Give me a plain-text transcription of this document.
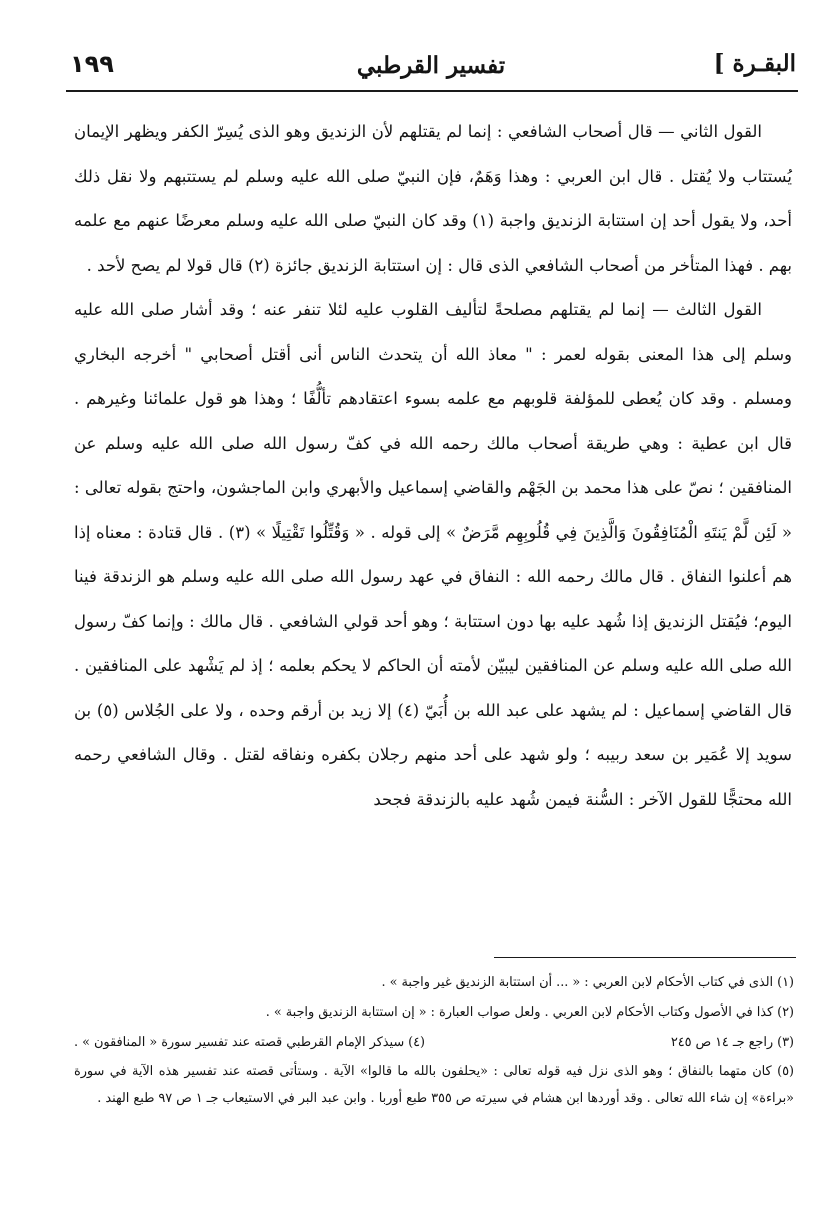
١٩٩	تفسير القرطبي	البقـرة ]

القول الثاني — قال أصحاب الشافعي : إنما لم يقتلهم لأن الزنديق وهو الذى يُسِرّ الكفر ويظهر الإيمان يُستتاب ولا يُقتل . قال ابن العربي : وهذا وَهَمٌ، فإن النبيّ صلى الله عليه وسلم لم يستتبهم ولا نقل ذلك أحد، ولا يقول أحد إن استتابة الزنديق واجبة (١) وقد كان النبيّ صلى الله عليه وسلم معرضًا عنهم مع علمه بهم . فهذا المتأخر من أصحاب الشافعي الذى قال : إن استتابة الزنديق جائزة (٢) قال قولا لم يصح لأحد .

القول الثالث — إنما لم يقتلهم مصلحةً لتأليف القلوب عليه لئلا تنفر عنه ؛ وقد أشار صلى الله عليه وسلم إلى هذا المعنى بقوله لعمر : " معاذ الله أن يتحدث الناس أنى أقتل أصحابي " أخرجه البخاري ومسلم . وقد كان يُعطى للمؤلفة قلوبهم مع علمه بسوء اعتقادهم تألُّفًا ؛ وهذا هو قول علمائنا وغيرهم . قال ابن عطية : وهي طريقة أصحاب مالك رحمه الله في كفّ رسول الله صلى الله عليه وسلم عن المنافقين ؛ نصّ على هذا محمد بن الجَهْم والقاضي إسماعيل والأبهري وابن الماجشون، واحتج بقوله تعالى : « لَئِن لَّمْ يَنتَهِ الْمُنَافِقُونَ وَالَّذِينَ فِي قُلُوبِهِم مَّرَضٌ » إلى قوله . « وَقُتِّلُوا تَقْتِيلًا » (٣) . قال قتادة : معناه إذا هم أعلنوا النفاق . قال مالك رحمه الله : النفاق في عهد رسول الله صلى الله عليه وسلم هو الزندقة فينا اليوم؛ فيُقتل الزنديق إذا شُهد عليه بها دون استتابة ؛ وهو أحد قولي الشافعي . قال مالك : وإنما كفّ رسول الله صلى الله عليه وسلم عن المنافقين ليبيّن لأمته أن الحاكم لا يحكم بعلمه ؛ إذ لم يَشْهد على المنافقين . قال القاضي إسماعيل : لم يشهد على عبد الله بن أُبَيّ (٤) إلا زيد بن أرقم وحده ، ولا على الجُلاس (٥) بن سويد إلا عُمَير بن سعد ربيبه ؛ ولو شهد على أحد منهم رجلان بكفره ونفاقه لقتل . وقال الشافعي رحمه الله محتجًّا للقول الآخر : السُّنة فيمن شُهد عليه بالزندقة فجحد

(١) الذى في كتاب الأحكام لابن العربي : « ... أن استتابة الزنديق غير واجبة » .
(٢) كذا في الأصول وكتاب الأحكام لابن العربي . ولعل صواب العبارة : « إن استتابة الزنديق واجبة » .
(٣) راجع جـ ١٤ ص ٢٤٥
(٤) سيذكر الإمام القرطبي قصته عند تفسير سورة « المنافقون » .
(٥) كان متهما بالنفاق ؛ وهو الذى نزل فيه قوله تعالى : «يحلفون بالله ما قالوا» الآية . وستأتى قصته عند تفسير هذه الآية في سورة «براءة» إن شاء الله تعالى . وقد أوردها ابن هشام في سيرته ص ٣٥٥ طبع أوربا . وابن عبد البر في الاستيعاب جـ ١ ص ٩٧ طبع الهند .
